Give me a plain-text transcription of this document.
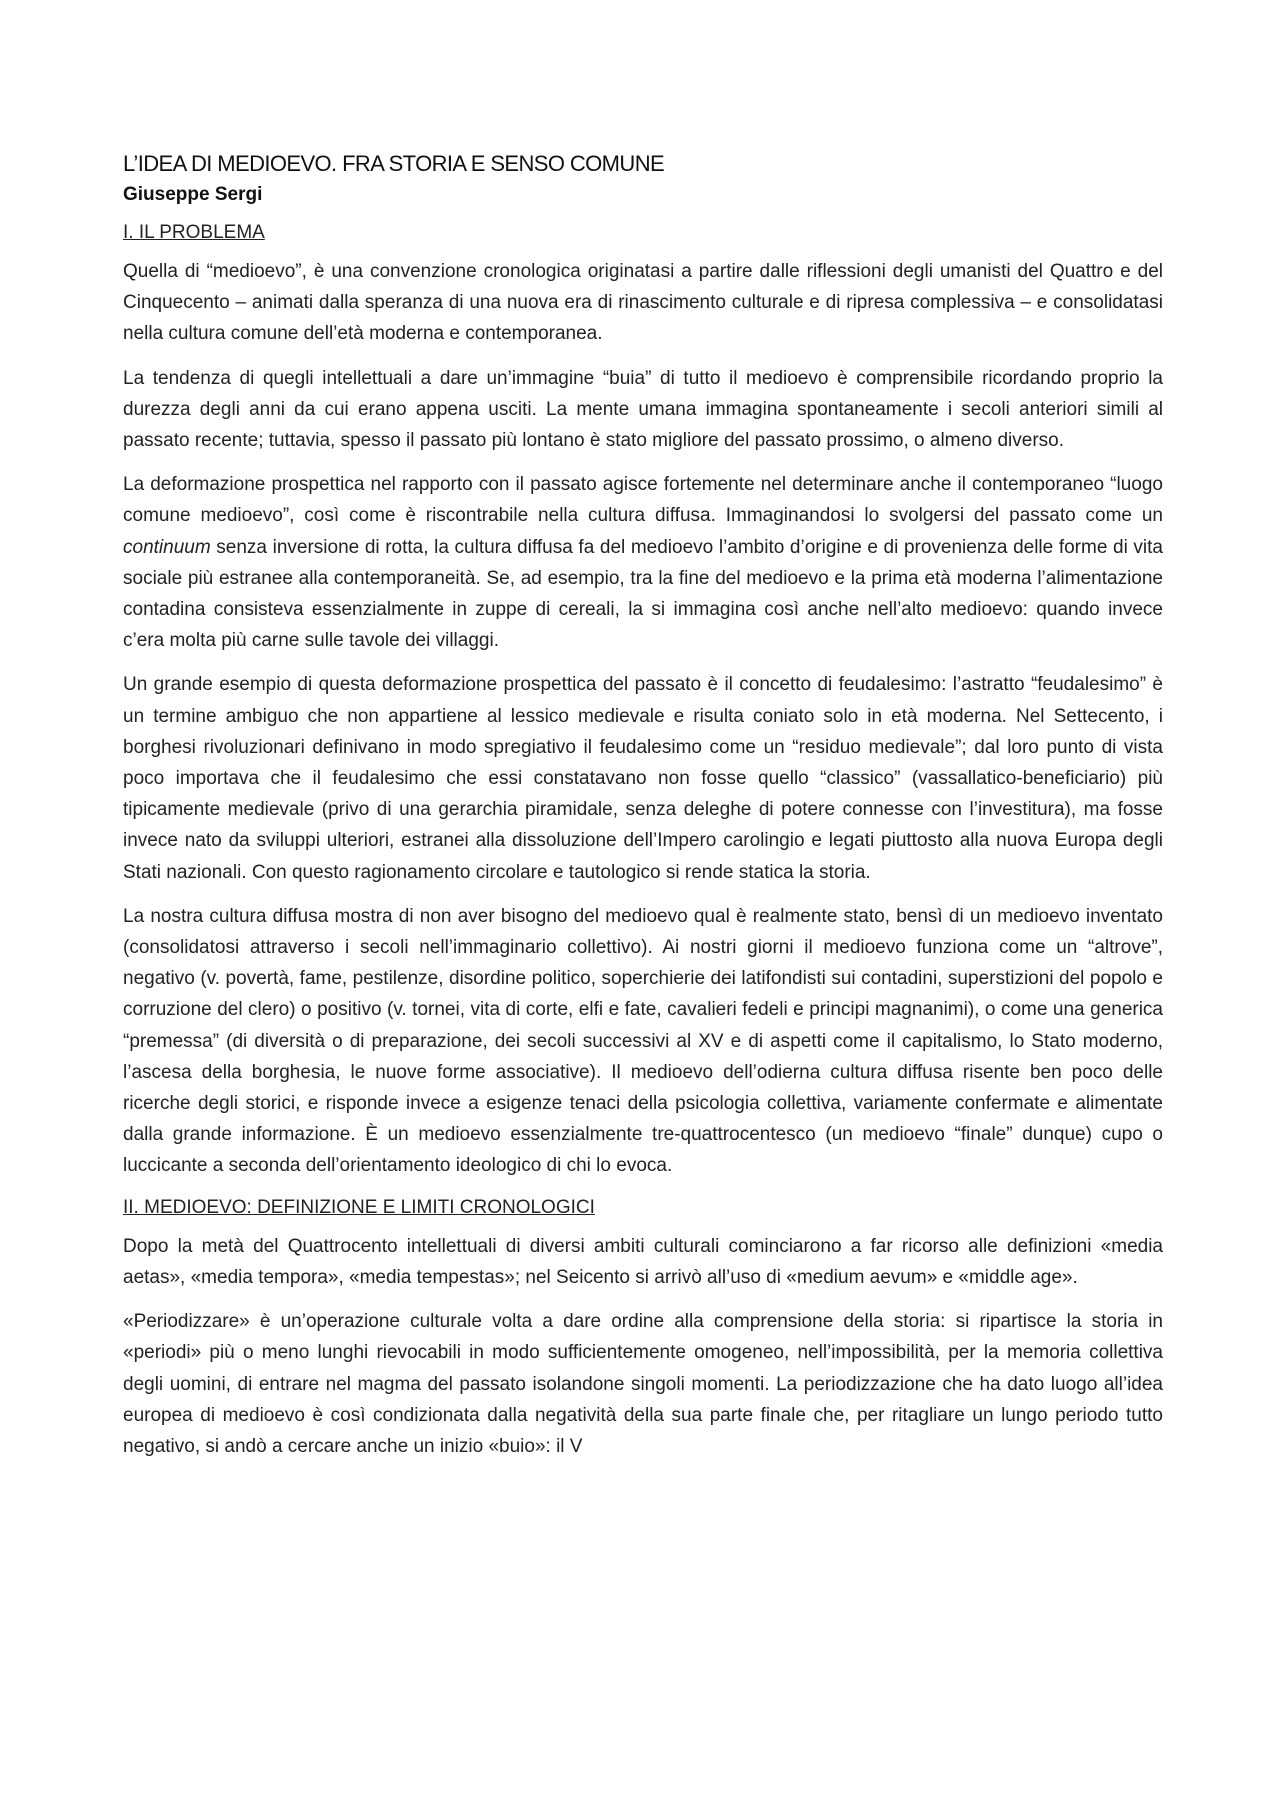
L’IDEA DI MEDIOEVO. FRA STORIA E SENSO COMUNE
Giuseppe Sergi
I. IL PROBLEMA

Quella di “medioevo”, è una convenzione cronologica originatasi a partire dalle riflessioni degli umanisti del Quattro e del Cinquecento – animati dalla speranza di una nuova era di rinascimento culturale e di ripresa complessiva – e consolidatasi nella cultura comune dell’età moderna e contemporanea.

La tendenza di quegli intellettuali a dare un’immagine “buia” di tutto il medioevo è comprensibile ricordando proprio la durezza degli anni da cui erano appena usciti. La mente umana immagina spontaneamente i secoli anteriori simili al passato recente; tuttavia, spesso il passato più lontano è stato migliore del passato prossimo, o almeno diverso.

La deformazione prospettica nel rapporto con il passato agisce fortemente nel determinare anche il contemporaneo “luogo comune medioevo”, così come è riscontrabile nella cultura diffusa. Immaginandosi lo svolgersi del passato come un continuum senza inversione di rotta, la cultura diffusa fa del medioevo l’ambito d’origine e di provenienza delle forme di vita sociale più estranee alla contemporaneità. Se, ad esempio, tra la fine del medioevo e la prima età moderna l’alimentazione contadina consisteva essenzialmente in zuppe di cereali, la si immagina così anche nell’alto medioevo: quando invece c’era molta più carne sulle tavole dei villaggi.

Un grande esempio di questa deformazione prospettica del passato è il concetto di feudalesimo: l’astratto “feudalesimo” è un termine ambiguo che non appartiene al lessico medievale e risulta coniato solo in età moderna. Nel Settecento, i borghesi rivoluzionari definivano in modo spregiativo il feudalesimo come un “residuo medievale”; dal loro punto di vista poco importava che il feudalesimo che essi constatavano non fosse quello “classico” (vassallatico-beneficiario) più tipicamente medievale (privo di una gerarchia piramidale, senza deleghe di potere connesse con l’investitura), ma fosse invece nato da sviluppi ulteriori, estranei alla dissoluzione dell’Impero carolingio e legati piuttosto alla nuova Europa degli Stati nazionali. Con questo ragionamento circolare e tautologico si rende statica la storia.

La nostra cultura diffusa mostra di non aver bisogno del medioevo qual è realmente stato, bensì di un medioevo inventato (consolidatosi attraverso i secoli nell’immaginario collettivo). Ai nostri giorni il medioevo funziona come un “altrove”, negativo (v. povertà, fame, pestilenze, disordine politico, soperchierie dei latifondisti sui contadini, superstizioni del popolo e corruzione del clero) o positivo (v. tornei, vita di corte, elfi e fate, cavalieri fedeli e principi magnanimi), o come una generica “premessa” (di diversità o di preparazione, dei secoli successivi al XV e di aspetti come il capitalismo, lo Stato moderno, l’ascesa della borghesia, le nuove forme associative). Il medioevo dell’odierna cultura diffusa risente ben poco delle ricerche degli storici, e risponde invece a esigenze tenaci della psicologia collettiva, variamente confermate e alimentate dalla grande informazione. È un medioevo essenzialmente tre-quattrocentesco (un medioevo “finale” dunque) cupo o luccicante a seconda dell’orientamento ideologico di chi lo evoca.

II. MEDIOEVO: DEFINIZIONE E LIMITI CRONOLOGICI

Dopo la metà del Quattrocento intellettuali di diversi ambiti culturali cominciarono a far ricorso alle definizioni «media aetas», «media tempora», «media tempestas»; nel Seicento si arrivò all’uso di «medium aevum» e «middle age».

«Periodizzare» è un’operazione culturale volta a dare ordine alla comprensione della storia: si ripartisce la storia in «periodi» più o meno lunghi rievocabili in modo sufficientemente omogeneo, nell’impossibilità, per la memoria collettiva degli uomini, di entrare nel magma del passato isolandone singoli momenti. La periodizzazione che ha dato luogo all’idea europea di medioevo è così condizionata dalla negatività della sua parte finale che, per ritagliare un lungo periodo tutto negativo, si andò a cercare anche un inizio «buio»: il V
